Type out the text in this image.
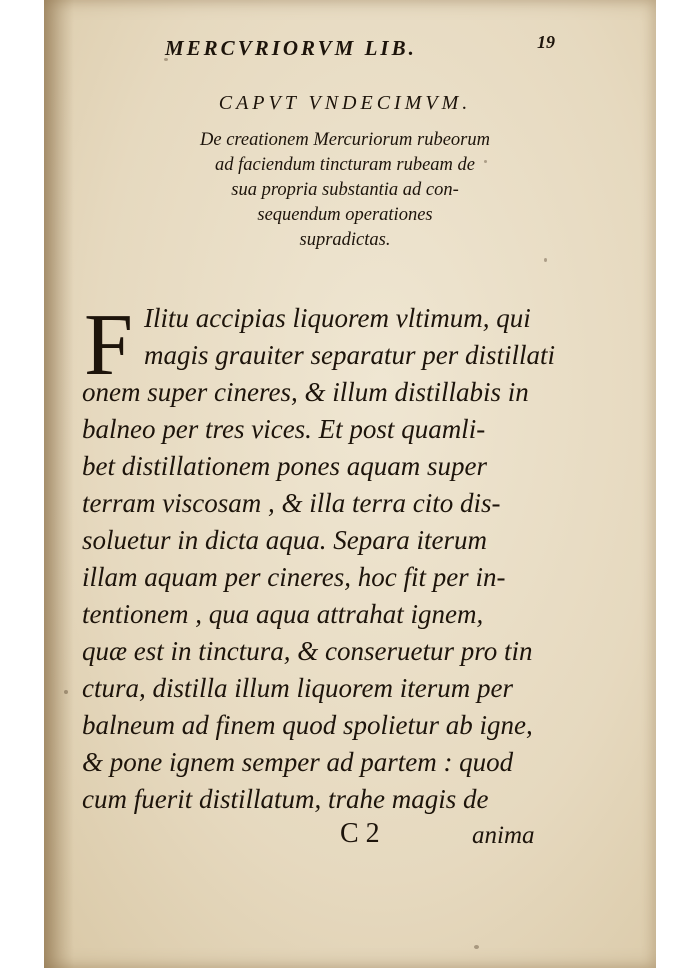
MERCVRIORVM LIB.	19
CAPVT VNDECIMVM.
De creationem Mercuriorum rubeorum
ad faciendum tincturam rubeam de
sua propria substantia ad con-
sequendum operationes
supradictas.
F Ilitu accipias liquorem vltimum, qui
magis grauiter separatur per distillati
onem super cineres, & illum distillabis in
balneo per tres vices. Et post quamli-
bet distillationem pones aquam super
terram viscosam , & illa terra cito dis-
soluetur in dicta aqua. Separa iterum
illam aquam per cineres, hoc fit per in-
tentionem , qua aqua attrahat ignem,
quæ est in tinctura, & conseruetur pro tin
ctura, distilla illum liquorem iterum per
balneum ad finem quod spolietur ab igne,
& pone ignem semper ad partem : quod
cum fuerit distillatum, trahe magis de
C 2	anima
